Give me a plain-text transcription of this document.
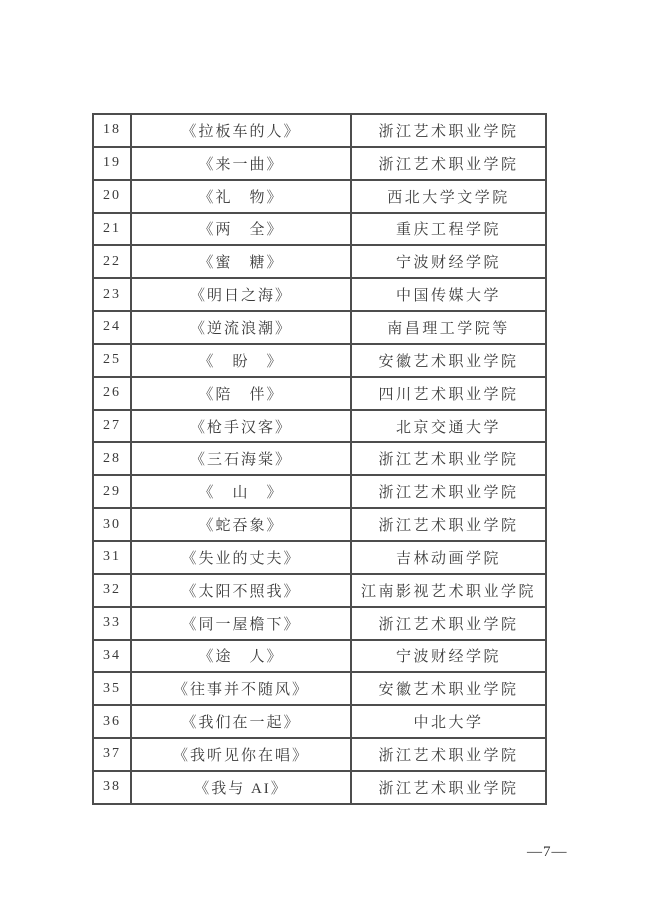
18	《拉板车的人》	浙江艺术职业学院
19	《来一曲》	浙江艺术职业学院
20	《礼　物》	西北大学文学院
21	《两　全》	重庆工程学院
22	《蜜　糖》	宁波财经学院
23	《明日之海》	中国传媒大学
24	《逆流浪潮》	南昌理工学院等
25	《　盼　》	安徽艺术职业学院
26	《陪　伴》	四川艺术职业学院
27	《枪手汉客》	北京交通大学
28	《三石海棠》	浙江艺术职业学院
29	《　山　》	浙江艺术职业学院
30	《蛇吞象》	浙江艺术职业学院
31	《失业的丈夫》	吉林动画学院
32	《太阳不照我》	江南影视艺术职业学院
33	《同一屋檐下》	浙江艺术职业学院
34	《途　人》	宁波财经学院
35	《往事并不随风》	安徽艺术职业学院
36	《我们在一起》	中北大学
37	《我听见你在唱》	浙江艺术职业学院
38	《我与 AI》	浙江艺术职业学院
—7—
